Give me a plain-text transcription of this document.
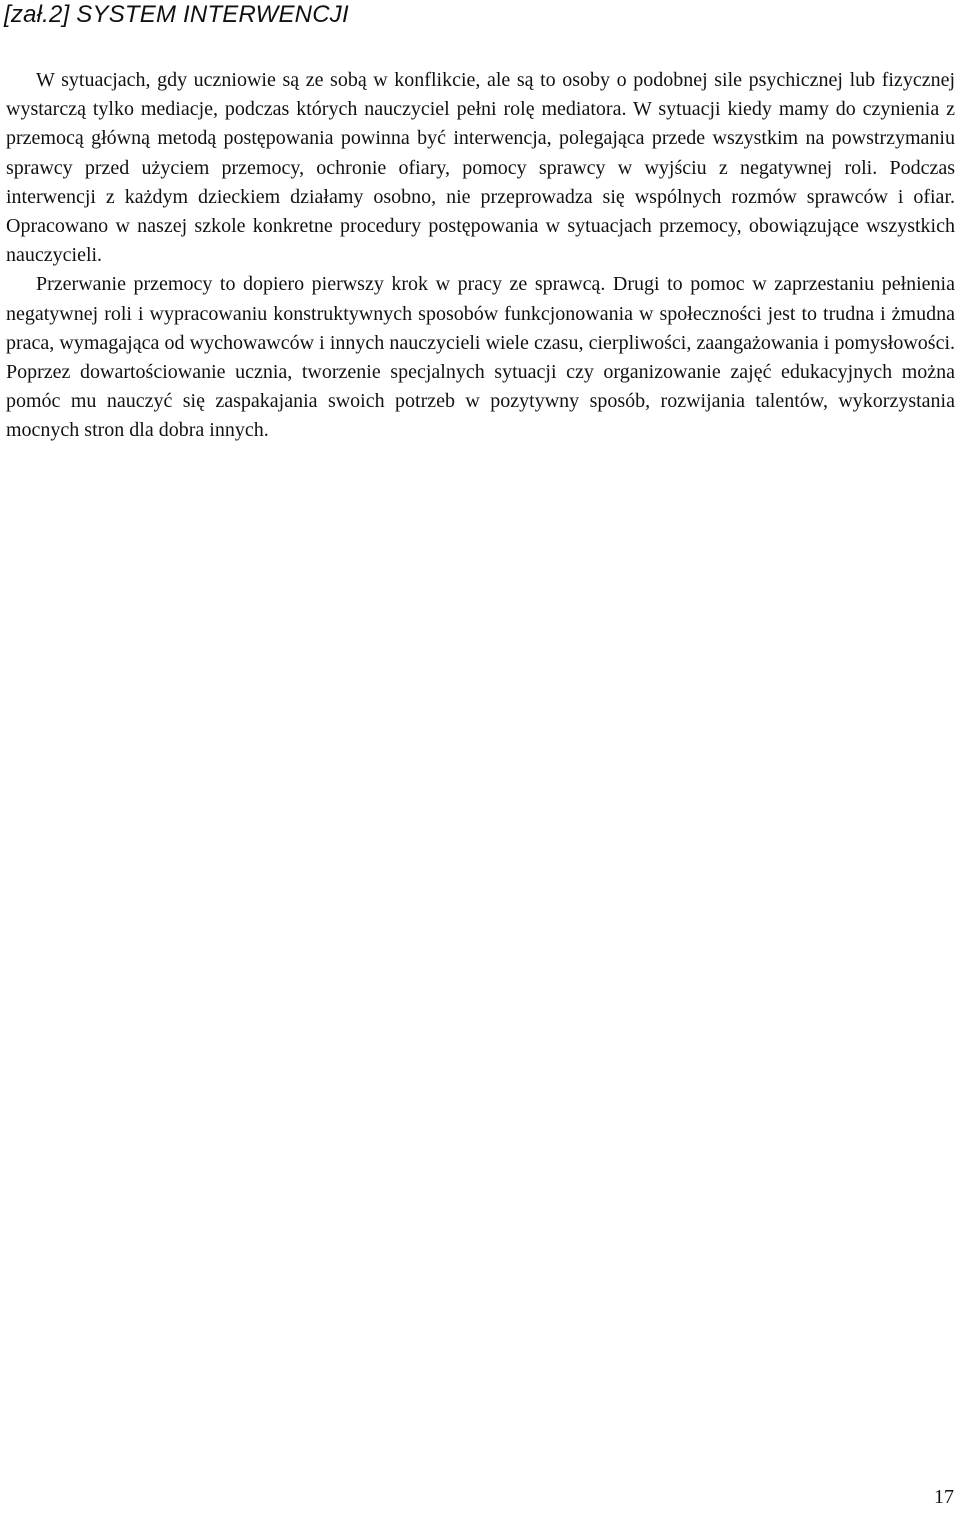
[zał.2] SYSTEM INTERWENCJI

W sytuacjach, gdy uczniowie są ze sobą w konflikcie, ale są to osoby o podobnej sile psychicznej lub fizycznej wystarczą tylko mediacje, podczas których nauczyciel pełni rolę mediatora. W sytuacji kiedy mamy do czynienia z przemocą główną metodą postępowania powinna być interwencja, polegająca przede wszystkim na powstrzymaniu sprawcy przed użyciem przemocy, ochronie ofiary, pomocy sprawcy w wyjściu z negatywnej roli. Podczas interwencji z każdym dzieckiem działamy osobno, nie przeprowadza się wspólnych rozmów sprawców i ofiar. Opracowano w naszej szkole konkretne procedury postępowania w sytuacjach przemocy, obowiązujące wszystkich nauczycieli.

Przerwanie przemocy to dopiero pierwszy krok w pracy ze sprawcą. Drugi to pomoc w zaprzestaniu pełnienia negatywnej roli i wypracowaniu konstruktywnych sposobów funkcjonowania w społeczności jest to trudna i żmudna praca, wymagająca od wychowawców i innych nauczycieli wiele czasu, cierpliwości, zaangażowania i pomysłowości. Poprzez dowartościowanie ucznia, tworzenie specjalnych sytuacji czy organizowanie zajęć edukacyjnych można pomóc mu nauczyć się zaspakajania swoich potrzeb w pozytywny sposób, rozwijania talentów, wykorzystania mocnych stron dla dobra innych.

17
